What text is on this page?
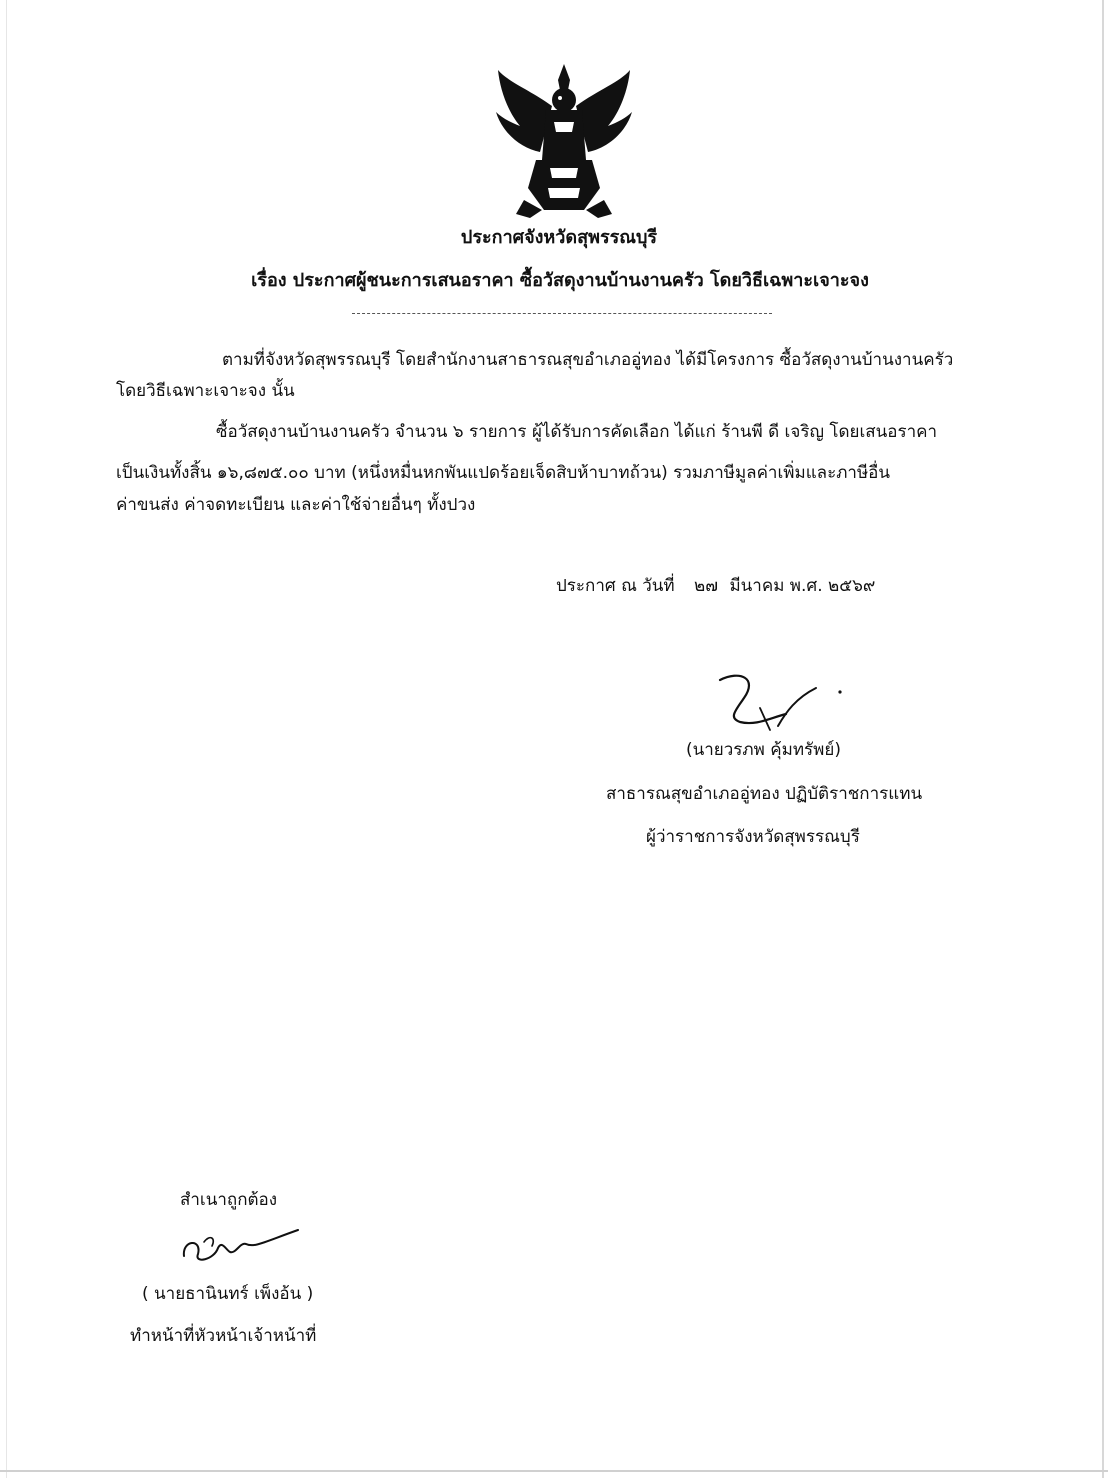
ประกาศจังหวัดสุพรรณบุรี
เรื่อง ประกาศผู้ชนะการเสนอราคา ซื้อวัสดุงานบ้านงานครัว โดยวิธีเฉพาะเจาะจง
ตามที่จังหวัดสุพรรณบุรี โดยสำนักงานสาธารณสุขอำเภออู่ทอง ได้มีโครงการ ซื้อวัสดุงานบ้านงานครัว
โดยวิธีเฉพาะเจาะจง นั้น
ซื้อวัสดุงานบ้านงานครัว จำนวน ๖ รายการ ผู้ได้รับการคัดเลือก ได้แก่ ร้านพี ดี เจริญ โดยเสนอราคา
เป็นเงินทั้งสิ้น ๑๖,๘๗๕.๐๐ บาท (หนึ่งหมื่นหกพันแปดร้อยเจ็ดสิบห้าบาทถ้วน) รวมภาษีมูลค่าเพิ่มและภาษีอื่น
ค่าขนส่ง ค่าจดทะเบียน และค่าใช้จ่ายอื่นๆ ทั้งปวง
ประกาศ ณ วันที่ ๒๗ มีนาคม พ.ศ. ๒๕๖๙
(นายวรภพ คุ้มทรัพย์)
สาธารณสุขอำเภออู่ทอง ปฏิบัติราชการแทน
ผู้ว่าราชการจังหวัดสุพรรณบุรี
สำเนาถูกต้อง
( นายธานินทร์ เพ็งอ้น )
ทำหน้าที่หัวหน้าเจ้าหน้าที่
